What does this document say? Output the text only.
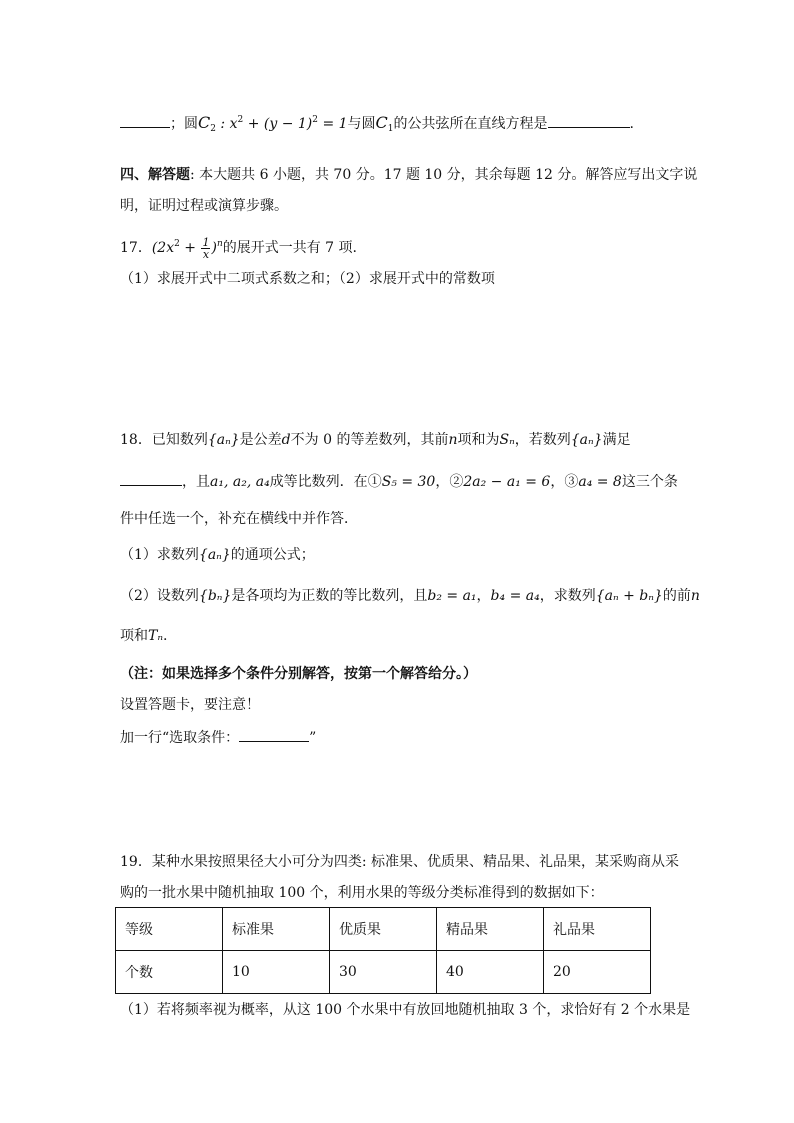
；圆$C_2$ : $x^2 + (y - 1)^2 = 1$与圆$C_1$的公共弦所在直线方程是	.
四、解答题: 本大题共 6 小题，共 70 分。17 题 10 分，其余每题 12 分。解答应写出文字说
明，证明过程或演算步骤。
17．$(2x^2 + \frac{1}{x} )^n$的展开式一共有 7 项.
（1）求展开式中二项式系数之和；（2）求展开式中的常数项
18．已知数列{aₙ}是公差d不为 0 的等差数列，其前n项和为Sₙ，若数列{aₙ}满足
，且a₁, a₂, a₄成等比数列．在①S₅ = 30，②2a₂ − a₁ = 6，③a₄ = 8这三个条
件中任选一个，补充在横线中并作答．
（1）求数列{aₙ}的通项公式；
（2）设数列{bₙ}是各项均为正数的等比数列，且b₂ = a₁，b₄ = a₄，求数列{aₙ + bₙ}的前n
项和Tₙ.
（注：如果选择多个条件分别解答，按第一个解答给分。）
设置答题卡，要注意！
加一行“选取条件：	”
19．某种水果按照果径大小可分为四类: 标准果、优质果、精品果、礼品果，某采购商从采
购的一批水果中随机抽取 100 个，利用水果的等级分类标准得到的数据如下：
等级	标准果	优质果	精品果	礼品果
个数	10	30	40	20
（1）若将频率视为概率，从这 100 个水果中有放回地随机抽取 3 个，求恰好有 2 个水果是
